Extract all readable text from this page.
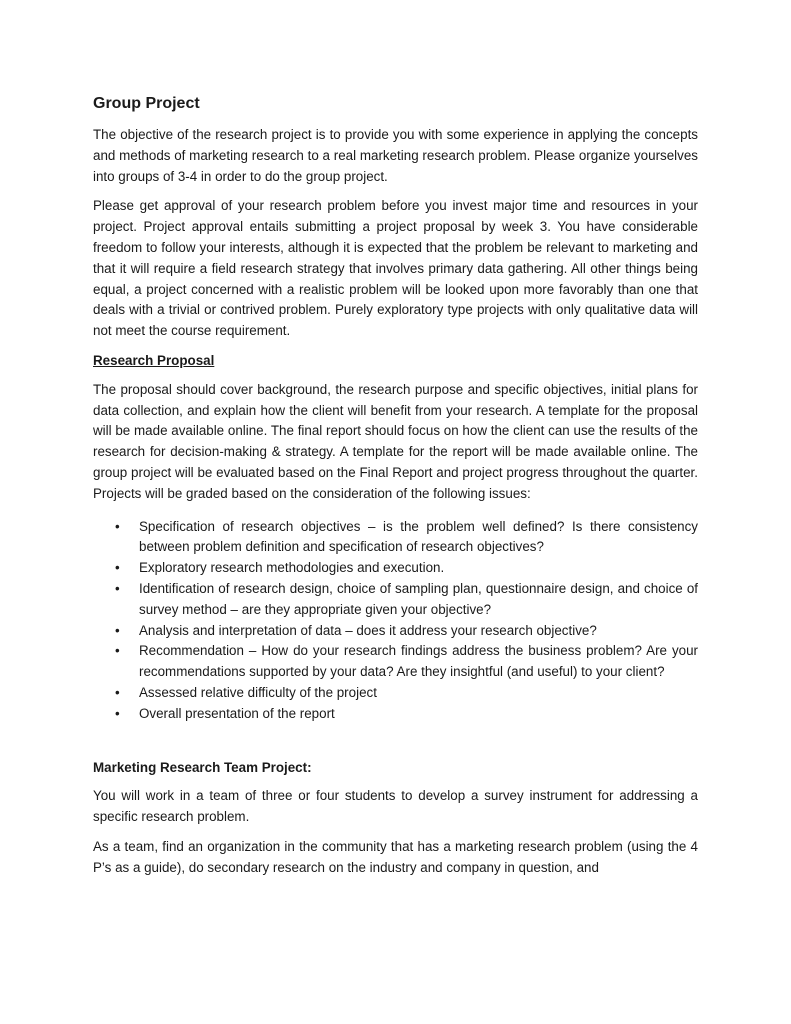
Group Project

The objective of the research project is to provide you with some experience in applying the concepts and methods of marketing research to a real marketing research problem. Please organize yourselves into groups of 3-4 in order to do the group project.

Please get approval of your research problem before you invest major time and resources in your project. Project approval entails submitting a project proposal by week 3. You have considerable freedom to follow your interests, although it is expected that the problem be relevant to marketing and that it will require a field research strategy that involves primary data gathering. All other things being equal, a project concerned with a realistic problem will be looked upon more favorably than one that deals with a trivial or contrived problem. Purely exploratory type projects with only qualitative data will not meet the course requirement.

Research Proposal

The proposal should cover background, the research purpose and specific objectives, initial plans for data collection, and explain how the client will benefit from your research. A template for the proposal will be made available online. The final report should focus on how the client can use the results of the research for decision-making & strategy. A template for the report will be made available online. The group project will be evaluated based on the Final Report and project progress throughout the quarter. Projects will be graded based on the consideration of the following issues:

• Specification of research objectives – is the problem well defined? Is there consistency between problem definition and specification of research objectives?
• Exploratory research methodologies and execution.
• Identification of research design, choice of sampling plan, questionnaire design, and choice of survey method – are they appropriate given your objective?
• Analysis and interpretation of data – does it address your research objective?
• Recommendation – How do your research findings address the business problem? Are your recommendations supported by your data? Are they insightful (and useful) to your client?
• Assessed relative difficulty of the project
• Overall presentation of the report
Marketing Research Team Project:

You will work in a team of three or four students to develop a survey instrument for addressing a specific research problem.

As a team, find an organization in the community that has a marketing research problem (using the 4 P’s as a guide), do secondary research on the industry and company in question, and
